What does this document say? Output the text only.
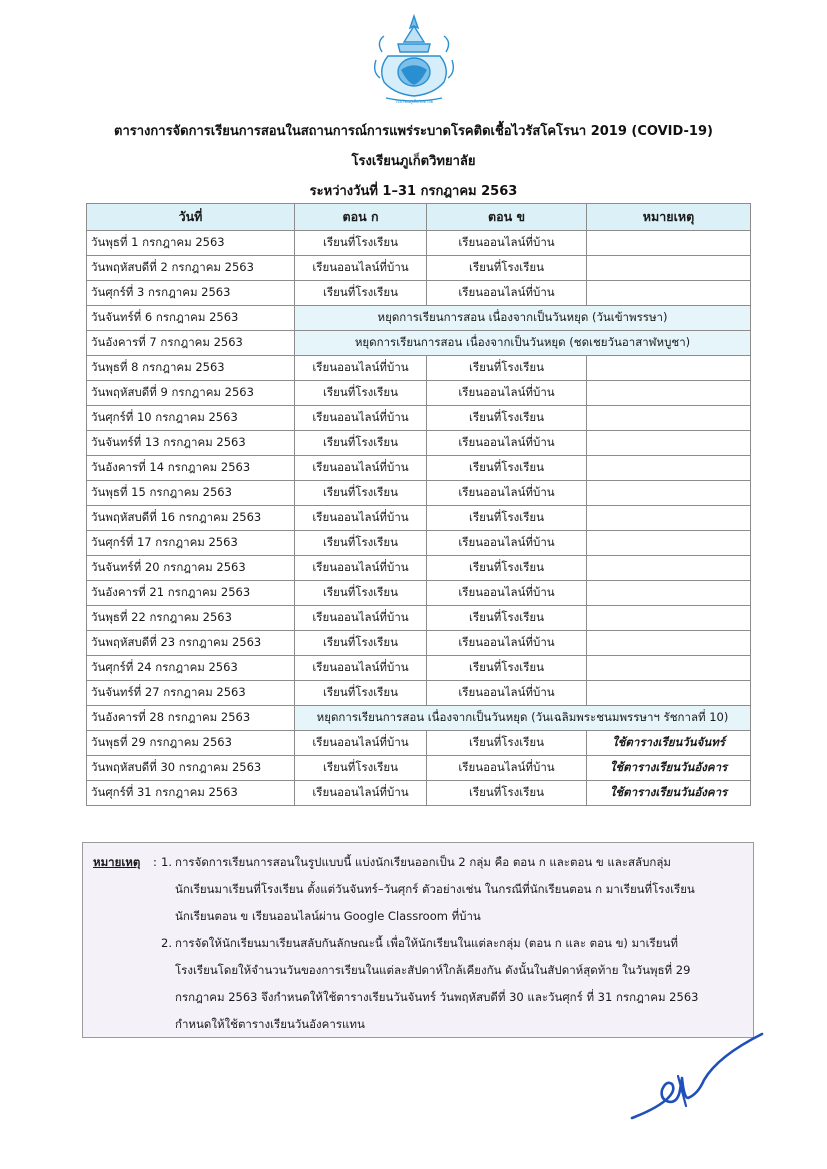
โรงเรียนภูเก็ตวิทยาลัย
ตารางการจัดการเรียนการสอนในสถานการณ์การแพร่ระบาดโรคติดเชื้อไวรัสโคโรนา 2019 (COVID-19)
โรงเรียนภูเก็ตวิทยาลัย
ระหว่างวันที่ 1–31 กรกฎาคม 2563
วันที่	ตอน ก	ตอน ข	หมายเหตุ
วันพุธที่ 1 กรกฎาคม 2563	เรียนที่โรงเรียน	เรียนออนไลน์ที่บ้าน	
วันพฤหัสบดีที่ 2 กรกฎาคม 2563	เรียนออนไลน์ที่บ้าน	เรียนที่โรงเรียน	
วันศุกร์ที่ 3 กรกฎาคม 2563	เรียนที่โรงเรียน	เรียนออนไลน์ที่บ้าน	
วันจันทร์ที่ 6 กรกฎาคม 2563	หยุดการเรียนการสอน เนื่องจากเป็นวันหยุด (วันเข้าพรรษา)		
วันอังคารที่ 7 กรกฎาคม 2563	หยุดการเรียนการสอน เนื่องจากเป็นวันหยุด (ชดเชยวันอาสาฬหบูชา)		
วันพุธที่ 8 กรกฎาคม 2563	เรียนออนไลน์ที่บ้าน	เรียนที่โรงเรียน	
วันพฤหัสบดีที่ 9 กรกฎาคม 2563	เรียนที่โรงเรียน	เรียนออนไลน์ที่บ้าน	
วันศุกร์ที่ 10 กรกฎาคม 2563	เรียนออนไลน์ที่บ้าน	เรียนที่โรงเรียน	
วันจันทร์ที่ 13 กรกฎาคม 2563	เรียนที่โรงเรียน	เรียนออนไลน์ที่บ้าน	
วันอังคารที่ 14 กรกฎาคม 2563	เรียนออนไลน์ที่บ้าน	เรียนที่โรงเรียน	
วันพุธที่ 15 กรกฎาคม 2563	เรียนที่โรงเรียน	เรียนออนไลน์ที่บ้าน	
วันพฤหัสบดีที่ 16 กรกฎาคม 2563	เรียนออนไลน์ที่บ้าน	เรียนที่โรงเรียน	
วันศุกร์ที่ 17 กรกฎาคม 2563	เรียนที่โรงเรียน	เรียนออนไลน์ที่บ้าน	
วันจันทร์ที่ 20 กรกฎาคม 2563	เรียนออนไลน์ที่บ้าน	เรียนที่โรงเรียน	
วันอังคารที่ 21 กรกฎาคม 2563	เรียนที่โรงเรียน	เรียนออนไลน์ที่บ้าน	
วันพุธที่ 22 กรกฎาคม 2563	เรียนออนไลน์ที่บ้าน	เรียนที่โรงเรียน	
วันพฤหัสบดีที่ 23 กรกฎาคม 2563	เรียนที่โรงเรียน	เรียนออนไลน์ที่บ้าน	
วันศุกร์ที่ 24 กรกฎาคม 2563	เรียนออนไลน์ที่บ้าน	เรียนที่โรงเรียน	
วันจันทร์ที่ 27 กรกฎาคม 2563	เรียนที่โรงเรียน	เรียนออนไลน์ที่บ้าน	
วันอังคารที่ 28 กรกฎาคม 2563	หยุดการเรียนการสอน เนื่องจากเป็นวันหยุด (วันเฉลิมพระชนมพรรษาฯ รัชกาลที่ 10)		
วันพุธที่ 29 กรกฎาคม 2563	เรียนออนไลน์ที่บ้าน	เรียนที่โรงเรียน	ใช้ตารางเรียนวันจันทร์
วันพฤหัสบดีที่ 30 กรกฎาคม 2563	เรียนที่โรงเรียน	เรียนออนไลน์ที่บ้าน	ใช้ตารางเรียนวันอังคาร
วันศุกร์ที่ 31 กรกฎาคม 2563	เรียนออนไลน์ที่บ้าน	เรียนที่โรงเรียน	ใช้ตารางเรียนวันอังคาร
หมายเหตุ : 1. การจัดการเรียนการสอนในรูปแบบนี้ แบ่งนักเรียนออกเป็น 2 กลุ่ม คือ ตอน ก และตอน ข และสลับกลุ่ม
นักเรียนมาเรียนที่โรงเรียน ตั้งแต่วันจันทร์–วันศุกร์ ตัวอย่างเช่น ในกรณีที่นักเรียนตอน ก มาเรียนที่โรงเรียน
นักเรียนตอน ข เรียนออนไลน์ผ่าน Google Classroom ที่บ้าน
2. การจัดให้นักเรียนมาเรียนสลับกันลักษณะนี้ เพื่อให้นักเรียนในแต่ละกลุ่ม (ตอน ก และ ตอน ข) มาเรียนที่
โรงเรียนโดยให้จำนวนวันของการเรียนในแต่ละสัปดาห์ใกล้เคียงกัน ดังนั้นในสัปดาห์สุดท้าย ในวันพุธที่ 29
กรกฎาคม 2563 จึงกำหนดให้ใช้ตารางเรียนวันจันทร์ วันพฤหัสบดีที่ 30 และวันศุกร์ ที่ 31 กรกฎาคม 2563
กำหนดให้ใช้ตารางเรียนวันอังคารแทน
